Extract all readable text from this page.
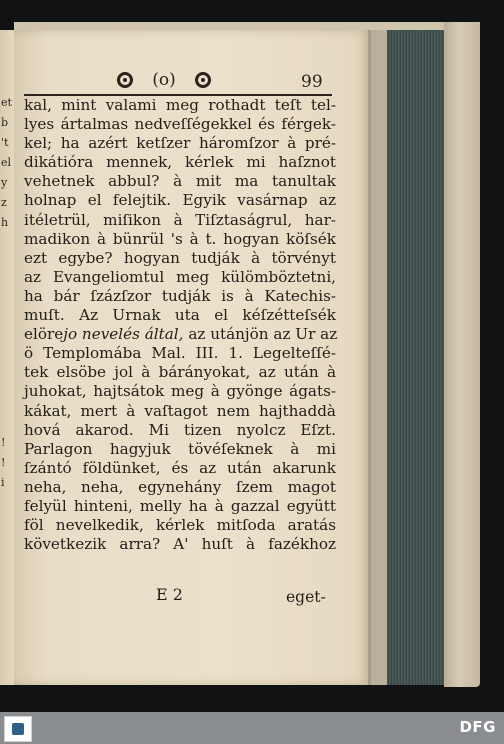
et
b
't
el
y
z
h
!
!
i
(o)	99
kal, mint valami meg rothadt teſt tel-
lyes ártalmas nedveſſégekkel és férgek-
kel; ha azért ketſzer háromſzor à pré-
dikátióra mennek, kérlek mi haſznot
vehetnek abbul? à mit ma tanultak
holnap el felejtik. Egyik vasárnap az
itéletrül, miſikon à Tiſztaságrul, har-
madikon à bünrül 's à t. hogyan köſsék
ezt egybe? hogyan tudják à törvényt
az Evangeliomtul meg külömböztetni,
ha bár ſzázſzor tudják is à Katechis-
muſt. Az Urnak uta el kéſzétteſsék
elörejo nevelés által, az utánjön az Ur az
ö Templomába Mal. III. 1. Legelteſſé-
tek elsöbe jol à bárányokat, az után à
juhokat, hajtsátok meg à gyönge ágats-
kákat, mert à vaſtagot nem hajthaddà
hová akarod. Mi tizen nyolcz Eſzt.
Parlagon hagyjuk tövéſeknek à mi
ſzántó földünket, és az után akarunk
neha, neha, egynehány ſzem magot
felyül hinteni, melly ha à gazzal együtt
föl nevelkedik, kérlek mitſoda aratás
következik arra? A' huſt à fazékhoz
E 2	eget-
DFG
